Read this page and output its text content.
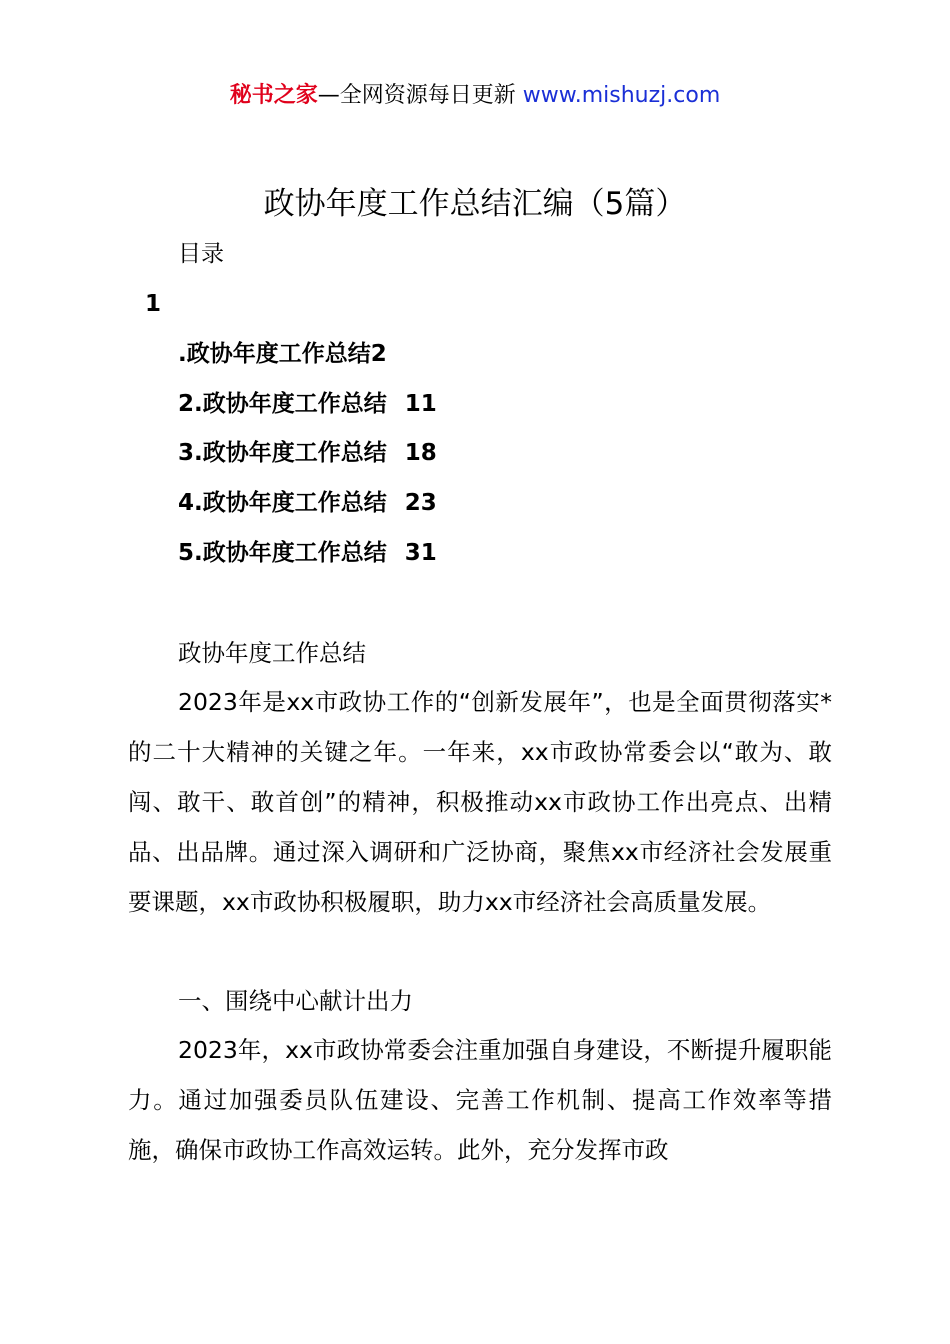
秘书之家—全网资源每日更新 www.mishuzj.com
政协年度工作总结汇编（5篇）
目录
1
.政协年度工作总结2
2.政协年度工作总结 11
3.政协年度工作总结 18
4.政协年度工作总结 23
5.政协年度工作总结 31
政协年度工作总结

2023年是xx市政协工作的“创新发展年”，也是全面贯彻落实*的二十大精神的关键之年。一年来，xx市政协常委会以“敢为、敢闯、敢干、敢首创”的精神，积极推动xx市政协工作出亮点、出精品、出品牌。通过深入调研和广泛协商，聚焦xx市经济社会发展重要课题，xx市政协积极履职，助力xx市经济社会高质量发展。

一、围绕中心献计出力

2023年，xx市政协常委会注重加强自身建设，不断提升履职能力。通过加强委员队伍建设、完善工作机制、提高工作效率等措施，确保市政协工作高效运转。此外，充分发挥市政
